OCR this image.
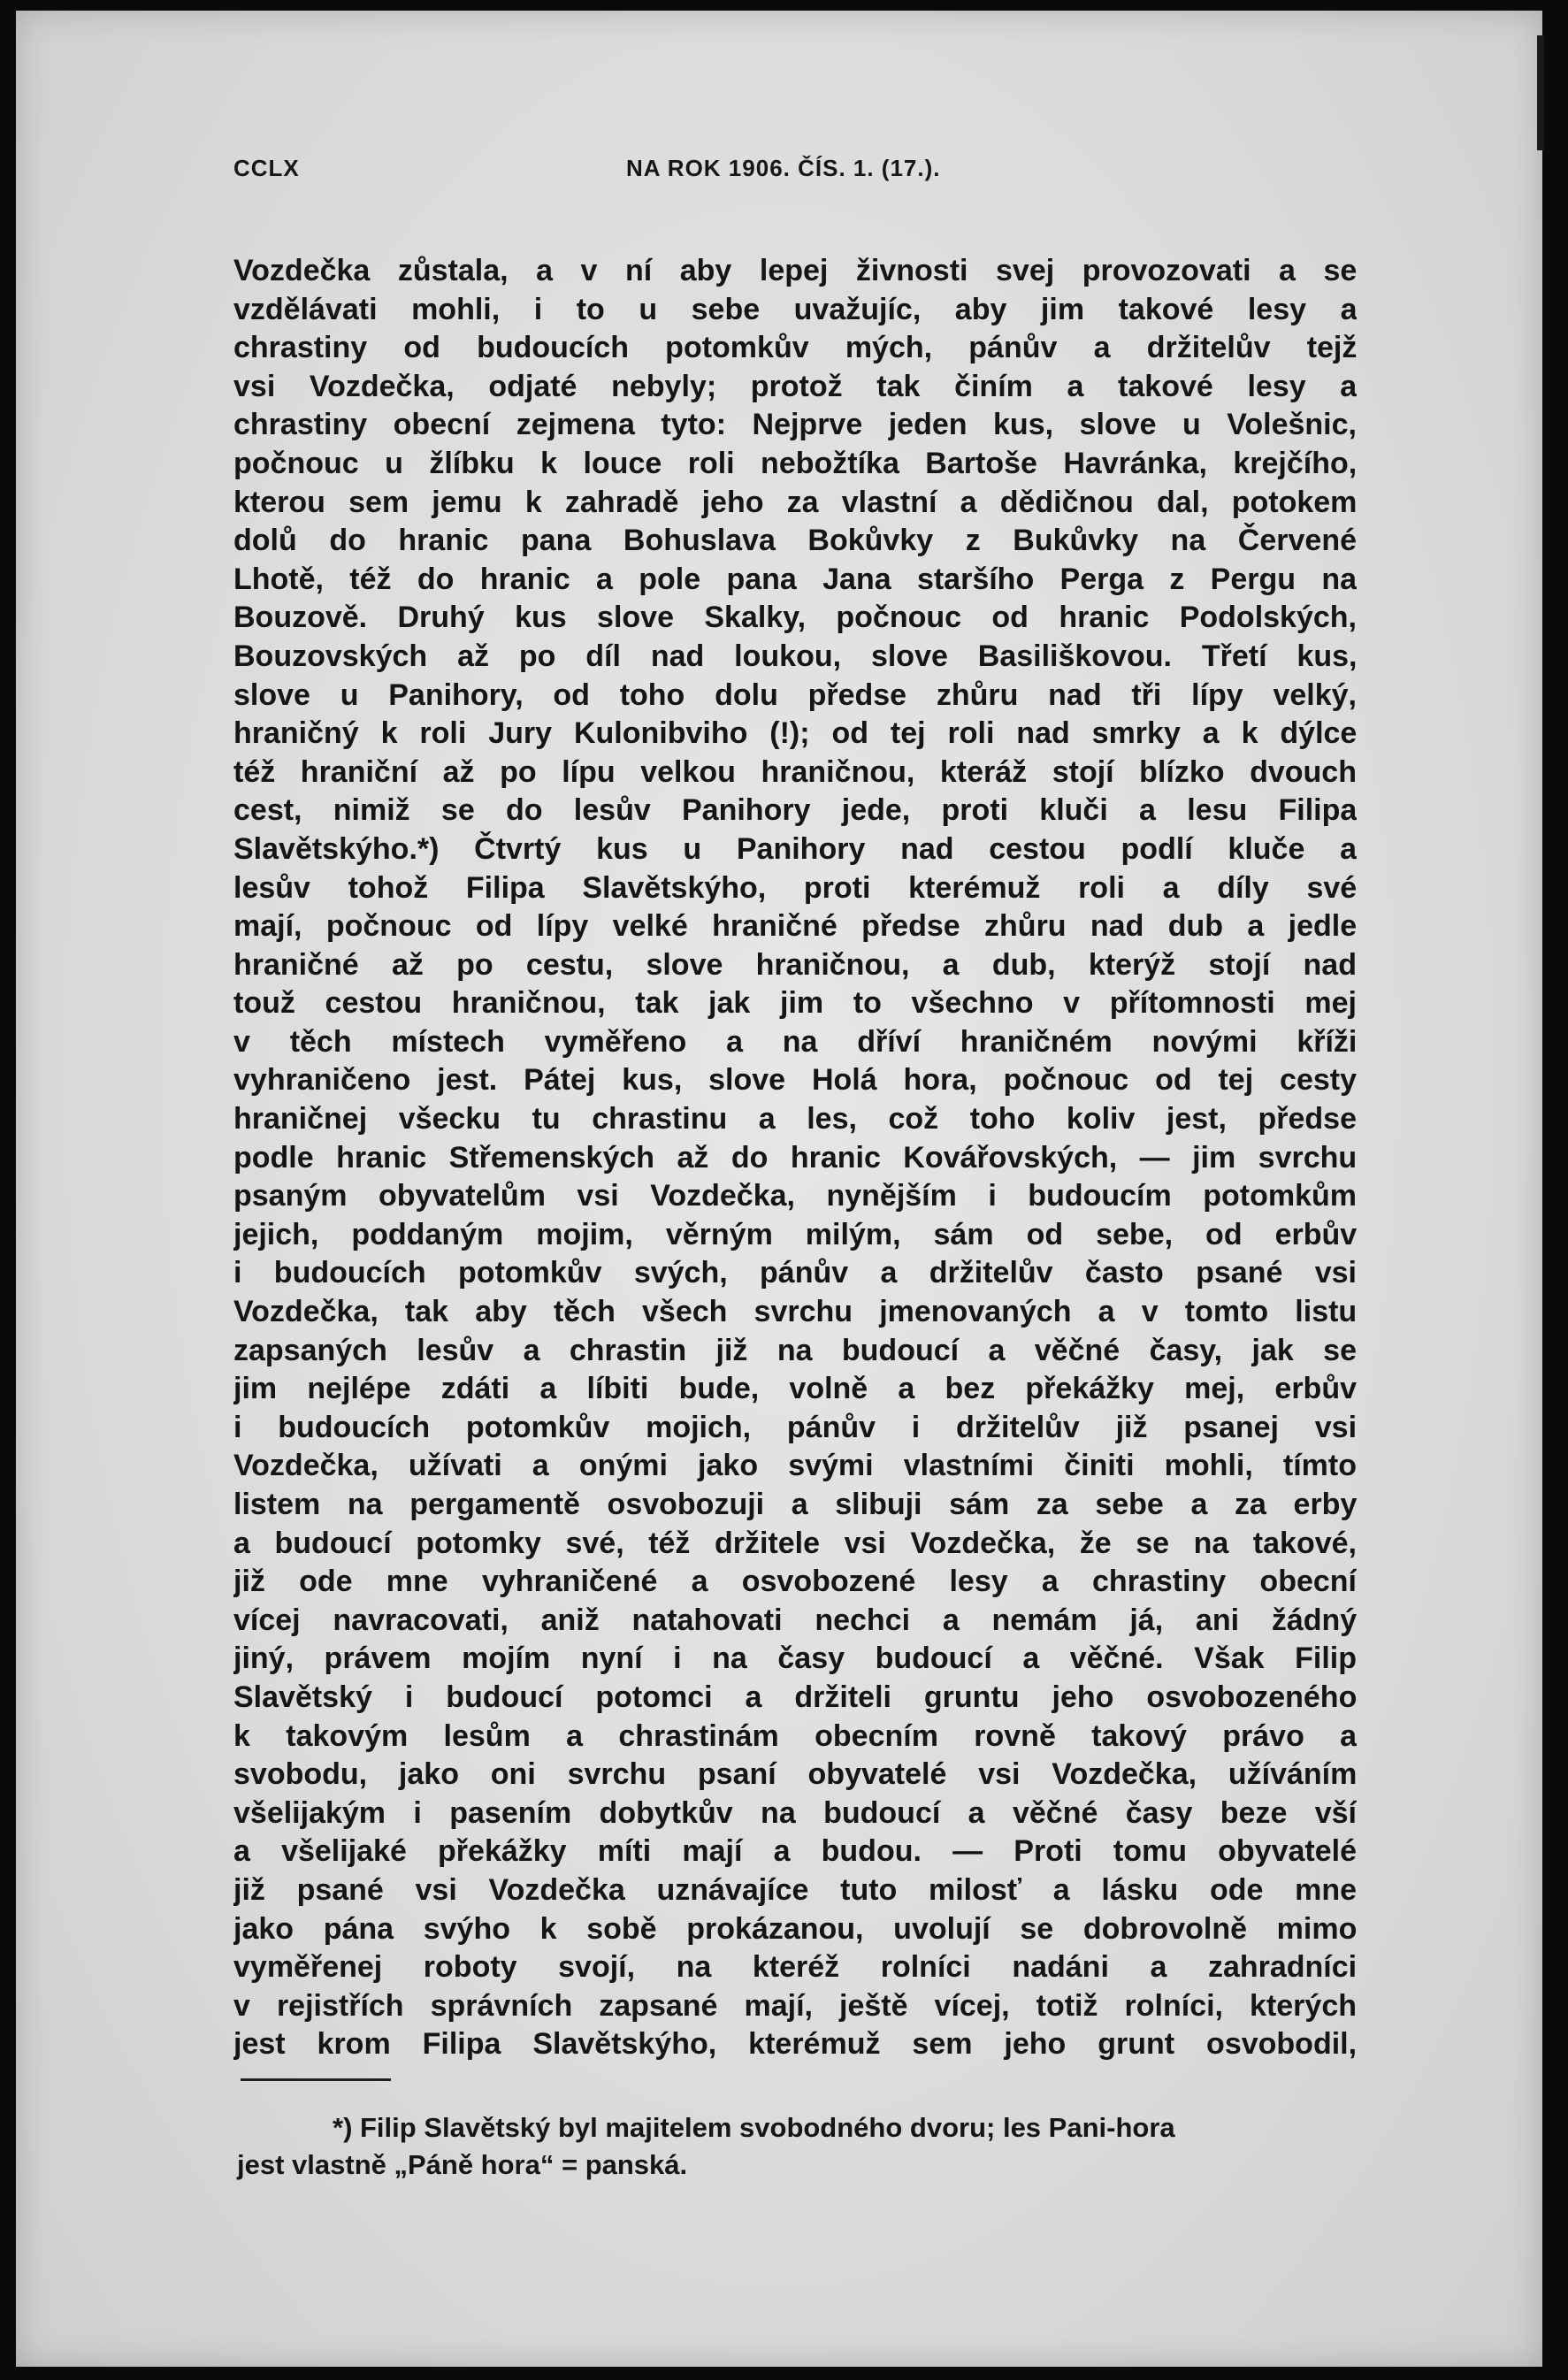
CCLX	NA ROK 1906. ČÍS. 1. (17.).
Vozdečka zůstala, a v ní aby lepej živnosti svej provozovati a se
vzdělávati mohli, i to u sebe uvažujíc, aby jim takové lesy a
chrastiny od budoucích potomkův mých, pánův a držitelův tejž
vsi Vozdečka, odjaté nebyly; protož tak činím a takové lesy a
chrastiny obecní zejmena tyto: Nejprve jeden kus, slove u Volešnic,
počnouc u žlíbku k louce roli nebožtíka Bartoše Havránka, krejčího,
kterou sem jemu k zahradě jeho za vlastní a dědičnou dal, potokem
dolů do hranic pana Bohuslava Bokůvky z Bukůvky na Červené
Lhotě, též do hranic a pole pana Jana staršího Perga z Pergu na
Bouzově. Druhý kus slove Skalky, počnouc od hranic Podolských,
Bouzovských až po díl nad loukou, slove Basiliškovou. Třetí kus,
slove u Panihory, od toho dolu předse zhůru nad tři lípy velký,
hraničný k roli Jury Kulonibviho (!); od tej roli nad smrky a k dýlce
též hraniční až po lípu velkou hraničnou, kteráž stojí blízko dvouch
cest, nimiž se do lesův Panihory jede, proti kluči a lesu Filipa
Slavětskýho.*) Čtvrtý kus u Panihory nad cestou podlí kluče a
lesův tohož Filipa Slavětskýho, proti kterémuž roli a díly své
mají, počnouc od lípy velké hraničné předse zhůru nad dub a jedle
hraničné až po cestu, slove hraničnou, a dub, kterýž stojí nad
touž cestou hraničnou, tak jak jim to všechno v přítomnosti mej
v těch místech vyměřeno a na dříví hraničném novými kříži
vyhraničeno jest. Pátej kus, slove Holá hora, počnouc od tej cesty
hraničnej všecku tu chrastinu a les, což toho koliv jest, předse
podle hranic Střemenských až do hranic Kovářovských, — jim svrchu
psaným obyvatelům vsi Vozdečka, nynějším i budoucím potomkům
jejich, poddaným mojim, věrným milým, sám od sebe, od erbův
i budoucích potomkův svých, pánův a držitelův často psané vsi
Vozdečka, tak aby těch všech svrchu jmenovaných a v tomto listu
zapsaných lesův a chrastin již na budoucí a věčné časy, jak se
jim nejlépe zdáti a líbiti bude, volně a bez překážky mej, erbův
i budoucích potomkův mojich, pánův i držitelův již psanej vsi
Vozdečka, užívati a onými jako svými vlastními činiti mohli, tímto
listem na pergamentě osvobozuji a slibuji sám za sebe a za erby
a budoucí potomky své, též držitele vsi Vozdečka, že se na takové,
již ode mne vyhraničené a osvobozené lesy a chrastiny obecní
vícej navracovati, aniž natahovati nechci a nemám já, ani žádný
jiný, právem mojím nyní i na časy budoucí a věčné. Však Filip
Slavětský i budoucí potomci a držiteli gruntu jeho osvobozeného
k takovým lesům a chrastinám obecním rovně takový právo a
svobodu, jako oni svrchu psaní obyvatelé vsi Vozdečka, užíváním
všelijakým i pasením dobytkův na budoucí a věčné časy beze vší
a všelijaké překážky míti mají a budou. — Proti tomu obyvatelé
již psané vsi Vozdečka uznávajíce tuto milosť a lásku ode mne
jako pána svýho k sobě prokázanou, uvolují se dobrovolně mimo
vyměřenej roboty svojí, na kteréž rolníci nadáni a zahradníci
v rejistřích správních zapsané mají, ještě vícej, totiž rolníci, kterých
jest krom Filipa Slavětskýho, kterémuž sem jeho grunt osvobodil,
*) Filip Slavětský byl majitelem svobodného dvoru; les Pani-hora
jest vlastně „Páně hora“ = panská.
